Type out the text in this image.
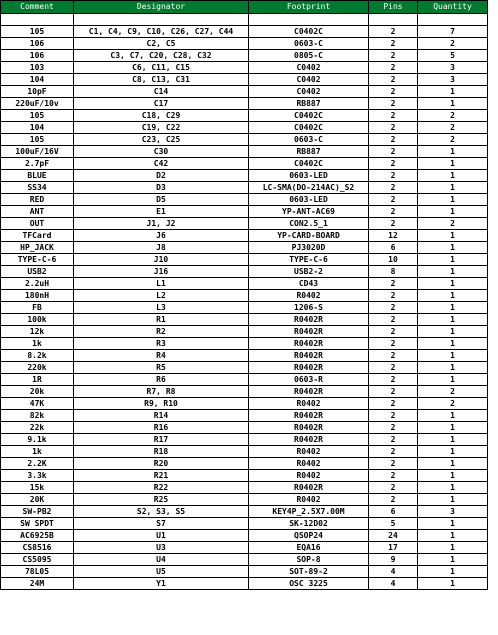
Comment	Designator	Footprint	Pins	Quantity

105	C1, C4, C9, C10, C26, C27, C44	C0402C	2	7
106	C2, C5	0603-C	2	2
106	C3, C7, C20, C28, C32	0805-C	2	5
103	C6, C11, C15	C0402	2	3
104	C8, C13, C31	C0402	2	3
10pF	C14	C0402	2	1
220uF/10v	C17	RB887	2	1
105	C18, C29	C0402C	2	2
104	C19, C22	C0402C	2	2
105	C23, C25	0603-C	2	2
100uF/16V	C30	RB887	2	1
2.7pF	C42	C0402C	2	1
BLUE	D2	0603-LED	2	1
SS34	D3	LC-SMA(DO-214AC)_S2	2	1
RED	D5	0603-LED	2	1
ANT	E1	YP-ANT-AC69	2	1
OUT	J1, J2	CON2.5_1	2	2
TFCard	J6	YP-CARD-BOARD	12	1
HP_JACK	J8	PJ3020D	6	1
TYPE-C-6	J10	TYPE-C-6	10	1
USB2	J16	USB2-2	8	1
2.2uH	L1	CD43	2	1
180nH	L2	R0402	2	1
FB	L3	1206-S	2	1
100k	R1	R0402R	2	1
12k	R2	R0402R	2	1
1k	R3	R0402R	2	1
8.2k	R4	R0402R	2	1
220k	R5	R0402R	2	1
1R	R6	0603-R	2	1
20k	R7, R8	R0402R	2	2
47K	R9, R10	R0402	2	2
82k	R14	R0402R	2	1
22k	R16	R0402R	2	1
9.1k	R17	R0402R	2	1
1k	R18	R0402	2	1
2.2K	R20	R0402	2	1
3.3k	R21	R0402	2	1
15k	R22	R0402R	2	1
20K	R25	R0402	2	1
SW-PB2	S2, S3, S5	KEY4P_2.5X7.00M	6	3
SW SPDT	S7	SK-12D02	5	1
AC6925B	U1	QSOP24	24	1
CS8516	U3	EQA16	17	1
CS5095	U4	SOP-8	9	1
78L05	U5	SOT-89-2	4	1
24M	Y1	OSC 3225	4	1
